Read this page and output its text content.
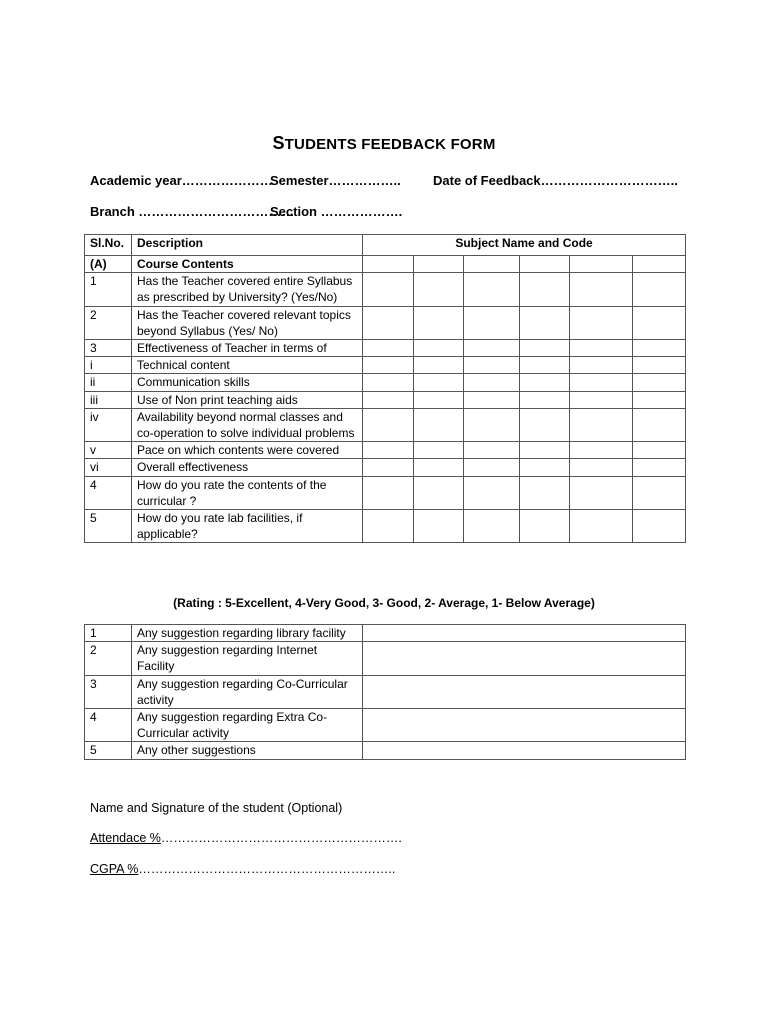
STUDENTS FEEDBACK FORM
Academic year…………………
Semester…………….. Date of Feedback…………………………..
Branch ………………………………
Section ……………….
Sl.No.	Description	Subject Name and Code					
(A)	Course Contents						
1	Has the Teacher covered entire Syllabus as prescribed by University? (Yes/No)						
2	Has the Teacher covered relevant topics beyond Syllabus (Yes/ No)						
3	Effectiveness of Teacher in terms of						
i	Technical content						
ii	Communication skills						
iii	Use of Non print teaching aids						
iv	Availability beyond normal classes and co-operation to solve individual problems						
v	Pace on which contents were covered						
vi	Overall effectiveness						
4	How do you rate the contents of the curricular ?						
5	How do you rate lab facilities, if applicable?						
(Rating : 5-Excellent, 4-Very Good, 3- Good, 2- Average, 1- Below Average)
1	Any suggestion regarding library facility	
2	Any suggestion regarding Internet Facility	
3	Any suggestion regarding Co-Curricular activity	
4	Any suggestion regarding Extra Co-Curricular activity	
5	Any other suggestions	
Name and Signature of the student (Optional)
Attendace %………………………………………………….
CGPA %……………………………………………………..
